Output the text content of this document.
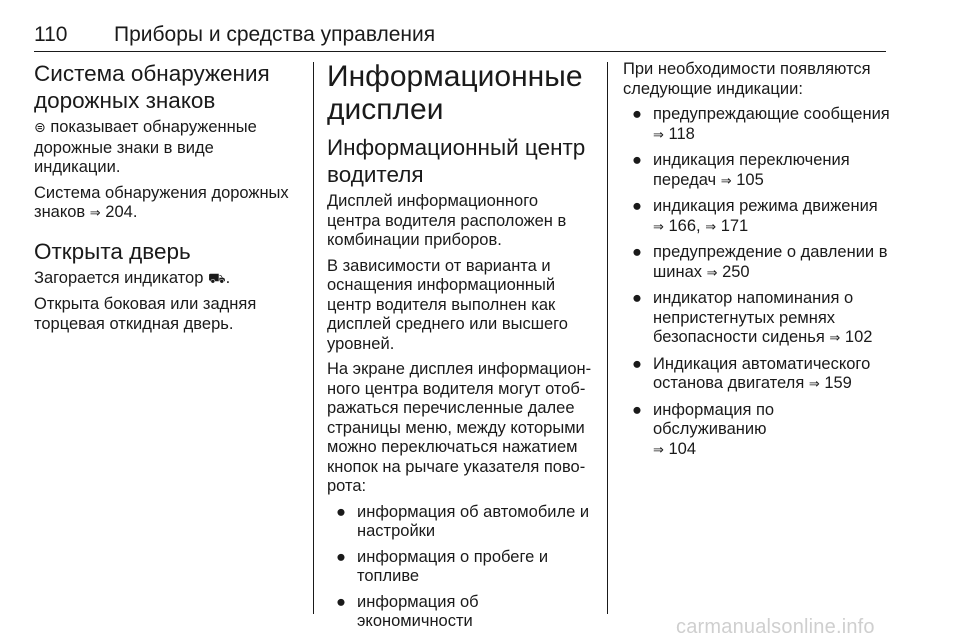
110 Приборы и средства управления
Система обнаружения дорожных знаков
⊜ показывает обнаруженные дорожные знаки в виде индикации.
Система обнаружения дорожных знаков ⇒ 204.
Открыта дверь
Загорается индикатор ⛟.
Открыта боковая или задняя торцевая откидная дверь.
Информационные дисплеи
Информационный центр водителя
Дисплей информационного центра водителя расположен в комбинации приборов.
В зависимости от варианта и оснащения информационный центр водителя выполнен как дисплей среднего или высшего уровней.
На экране дисплея информационного центра водителя могут отображаться перечисленные далее страницы меню, между которыми можно переключаться нажатием кнопок на рычаге указателя поворота:
● информация об автомобиле и настройки
● информация о пробеге и топливе
● информация об экономичности
При необходимости появляются следующие индикации:
● предупреждающие сообщения
⇒ 118
● индикация переключения передач ⇒ 105
● индикация режима движения
⇒ 166, ⇒ 171
● предупреждение о давлении в шинах ⇒ 250
● индикатор напоминания о непристегнутых ремнях безопасности сиденья ⇒ 102
● Индикация автоматического останова двигателя ⇒ 159
● информация по обслуживанию
⇒ 104
carmanualsonline.info
